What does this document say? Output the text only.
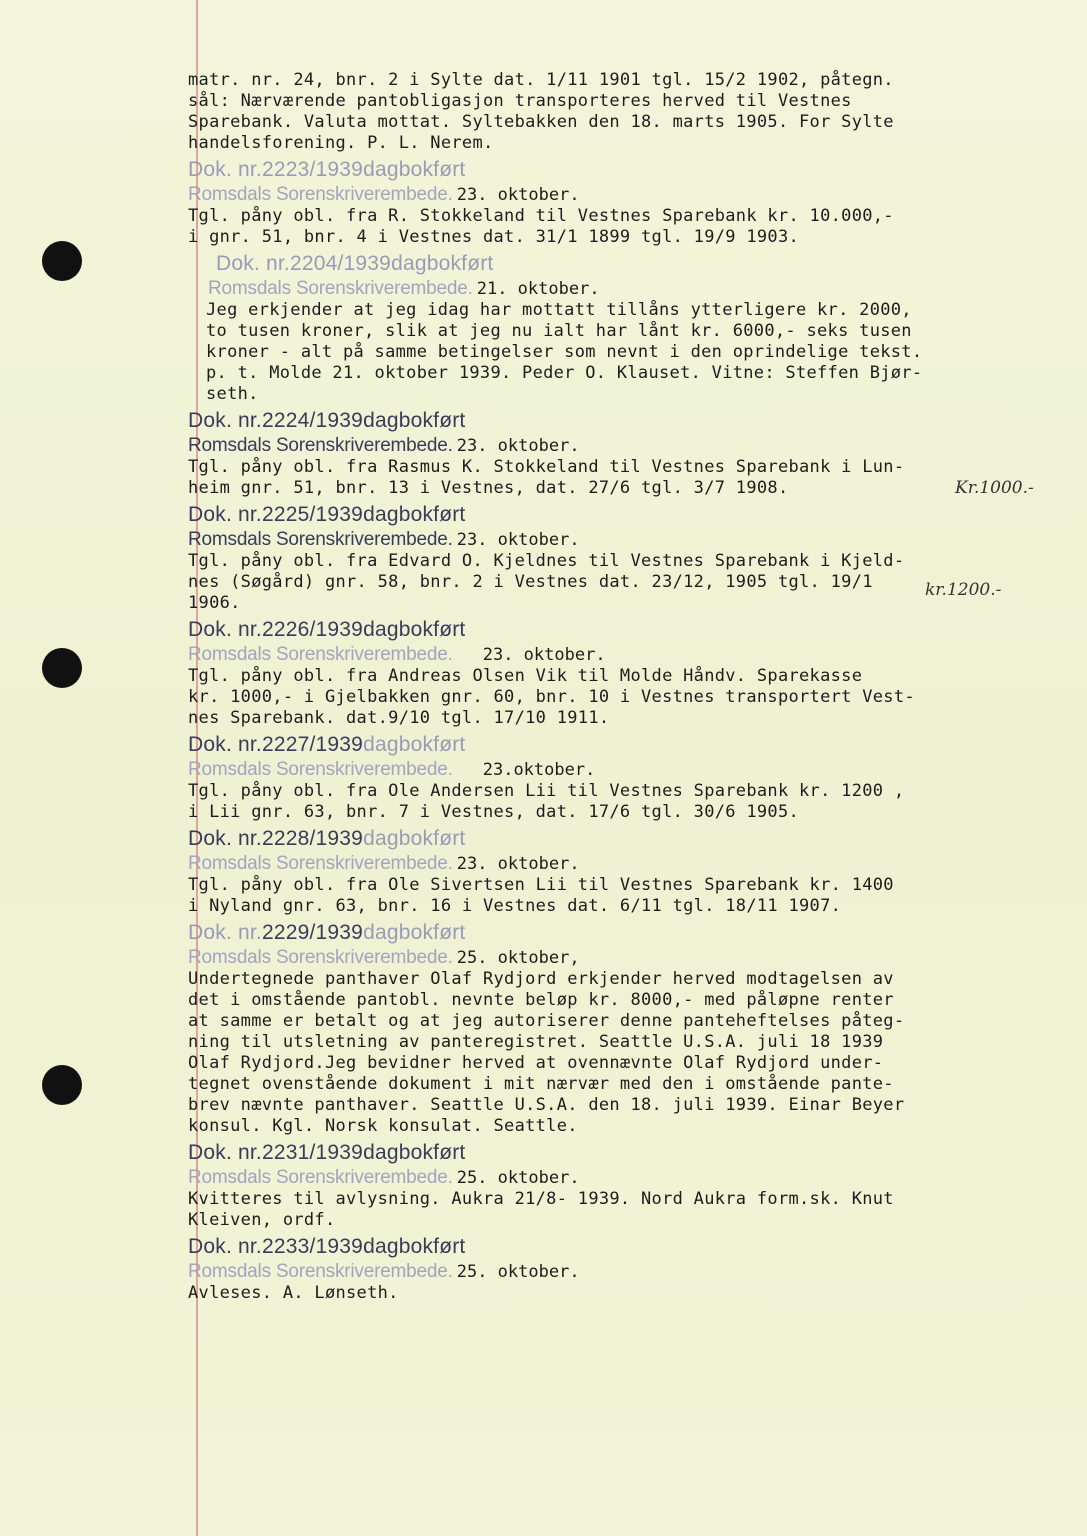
matr. nr. 24, bnr. 2 i Sylte dat. 1/11 1901 tgl. 15/2 1902, påtegn.
sål: Nærværende pantobligasjon transporteres herved til Vestnes
Sparebank. Valuta mottat. Syltebakken den 18. marts 1905. For Sylte
handelsforening. P. L. Nerem.
Dok. nr.2223/1939dagbokført
Romsdals Sorenskriverembede. 23. oktober.
Tgl. påny obl. fra R. Stokkeland til Vestnes Sparebank kr. 10.000,-
i gnr. 51, bnr. 4 i Vestnes dat. 31/1 1899 tgl. 19/9 1903.
Dok. nr.2204/1939dagbokført
Romsdals Sorenskriverembede. 21. oktober.
Jeg erkjender at jeg idag har mottatt tillåns ytterligere kr. 2000,
to tusen kroner, slik at jeg nu ialt har lånt kr. 6000,- seks tusen
kroner - alt på samme betingelser som nevnt i den oprindelige tekst.
p. t. Molde 21. oktober 1939. Peder O. Klauset. Vitne: Steffen Bjør-
seth.
Dok. nr.2224/1939dagbokført
Romsdals Sorenskriverembede. 23. oktober.
Tgl. påny obl. fra Rasmus K. Stokkeland til Vestnes Sparebank i Lun-
heim gnr. 51, bnr. 13 i Vestnes, dat. 27/6 tgl. 3/7 1908.
Dok. nr.2225/1939dagbokført
Romsdals Sorenskriverembede. 23. oktober.
Tgl. påny obl. fra Edvard O. Kjeldnes til Vestnes Sparebank i Kjeld-
nes (Søgård) gnr. 58, bnr. 2 i Vestnes dat. 23/12, 1905 tgl. 19/1
1906.
Dok. nr.2226/1939dagbokført
Romsdals Sorenskriverembede. 23. oktober.
Tgl. påny obl. fra Andreas Olsen Vik til Molde Håndv. Sparekasse
kr. 1000,- i Gjelbakken gnr. 60, bnr. 10 i Vestnes transportert Vest-
nes Sparebank. dat.9/10 tgl. 17/10 1911.
Dok. nr.2227/1939dagbokført
Romsdals Sorenskriverembede. 23.oktober.
Tgl. påny obl. fra Ole Andersen Lii til Vestnes Sparebank kr. 1200 ,
i Lii gnr. 63, bnr. 7 i Vestnes, dat. 17/6 tgl. 30/6 1905.
Dok. nr.2228/1939dagbokført
Romsdals Sorenskriverembede. 23. oktober.
Tgl. påny obl. fra Ole Sivertsen Lii til Vestnes Sparebank kr. 1400
i Nyland gnr. 63, bnr. 16 i Vestnes dat. 6/11 tgl. 18/11 1907.
Dok. nr.2229/1939dagbokført
Romsdals Sorenskriverembede. 25. oktober,
Undertegnede panthaver Olaf Rydjord erkjender herved modtagelsen av
det i omstående pantobl. nevnte beløp kr. 8000,- med påløpne renter
at samme er betalt og at jeg autoriserer denne panteheftelses påteg-
ning til utsletning av panteregistret. Seattle U.S.A. juli 18 1939
Olaf Rydjord.Jeg bevidner herved at ovennævnte Olaf Rydjord under-
tegnet ovenstående dokument i mit nærvær med den i omstående pante-
brev nævnte panthaver. Seattle U.S.A. den 18. juli 1939. Einar Beyer
konsul. Kgl. Norsk konsulat. Seattle.
Dok. nr.2231/1939dagbokført
Romsdals Sorenskriverembede. 25. oktober.
Kvitteres til avlysning. Aukra 21/8- 1939. Nord Aukra form.sk. Knut
Kleiven, ordf.
Dok. nr.2233/1939dagbokført
Romsdals Sorenskriverembede. 25. oktober.
Avleses. A. Lønseth.
Kr.1000.-
kr.1200.-
